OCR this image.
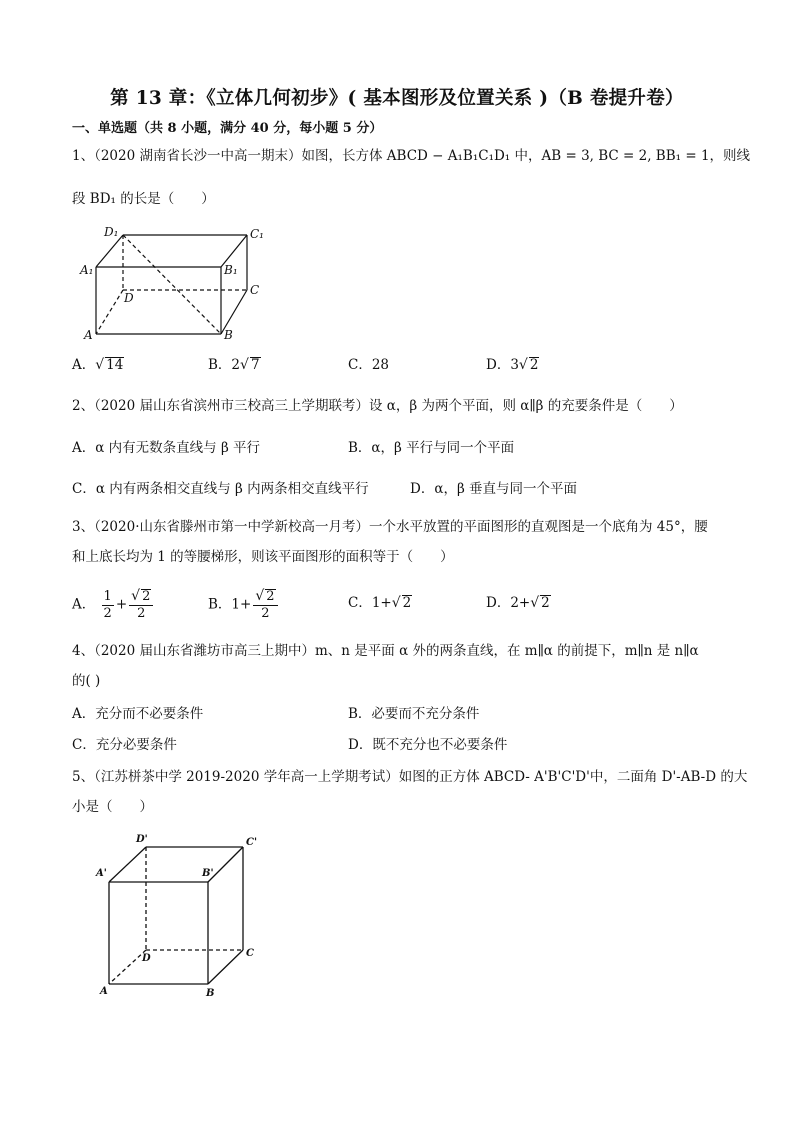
第 13 章：《立体几何初步》( 基本图形及位置关系 )（B 卷提升卷）
一、单选题（共 8 小题，满分 40 分，每小题 5 分）
1、（2020 湖南省长沙一中高一期末）如图，长方体 ABCD − A₁B₁C₁D₁ 中，AB = 3, BC = 2, BB₁ = 1，则线
段 BD₁ 的长是（　　）
D₁	C₁
A₁	B₁
D
C
A	B
A．√ 14	B．2√ 7	C．28	D．3√ 2
2、（2020 届山东省滨州市三校高三上学期联考）设 α，β 为两个平面，则 α∥β 的充要条件是（　　）
A．α 内有无数条直线与 β 平行	B．α，β 平行与同一个平面
C．α 内有两条相交直线与 β 内两条相交直线平行	D．α，β 垂直与同一个平面
3、（2020·山东省滕州市第一中学新校高一月考）一个水平放置的平面图形的直观图是一个底角为 45°，腰
和上底长均为 1 的等腰梯形，则该平面图形的面积等于（　　）
A． $\frac{1}{2} + \frac{√ 2}{2}$	B．$1+ \frac{√ 2}{2}$	C．1+√ 2	D．2+√ 2
4、（2020 届山东省潍坊市高三上期中）m、n 是平面 α 外的两条直线，在 m∥α 的前提下，m∥n 是 n∥α
的( )
A．充分而不必要条件	B．必要而不充分条件
C．充分必要条件	D．既不充分也不必要条件
5、（江苏栟茶中学 2019-2020 学年高一上学期考试）如图的正方体 ABCD- A'B'C'D'中，二面角 D'-AB-D 的大
小是（　　）
D'	C'
A'	B'
D	C
A	B
